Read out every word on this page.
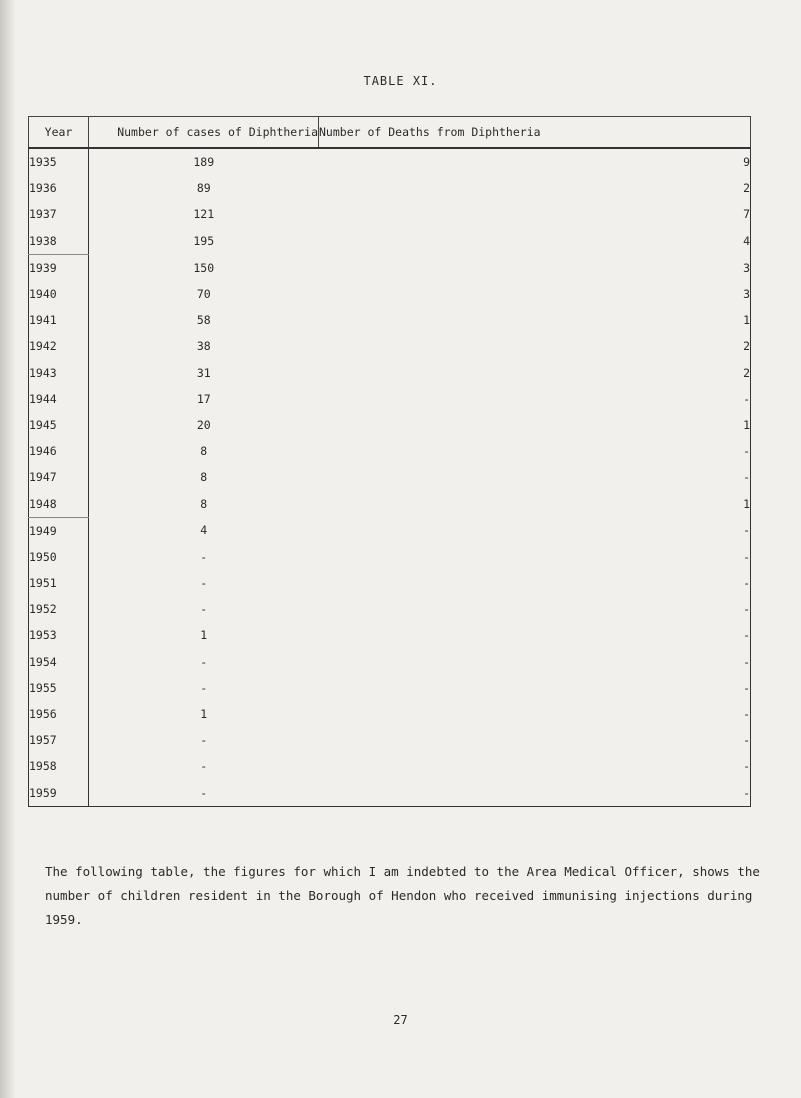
TABLE XI.
Year	Number of cases of Diphtheria	Number of Deaths from Diphtheria
1935	189	9
1936	89	2
1937	121	7
1938	195	4
1939	150	3
1940	70	3
1941	58	1
1942	38	2
1943	31	2
1944	17	-
1945	20	1
1946	8	-
1947	8	-
1948	8	1
1949	4	-
1950	-	-
1951	-	-
1952	-	-
1953	1	-
1954	-	-
1955	-	-
1956	1	-
1957	-	-
1958	-	-
1959	-	-
The following table, the figures for which I am indebted to the Area Medical Officer, shows the number of children resident in the Borough of Hendon who received immunising injections during 1959.
27
